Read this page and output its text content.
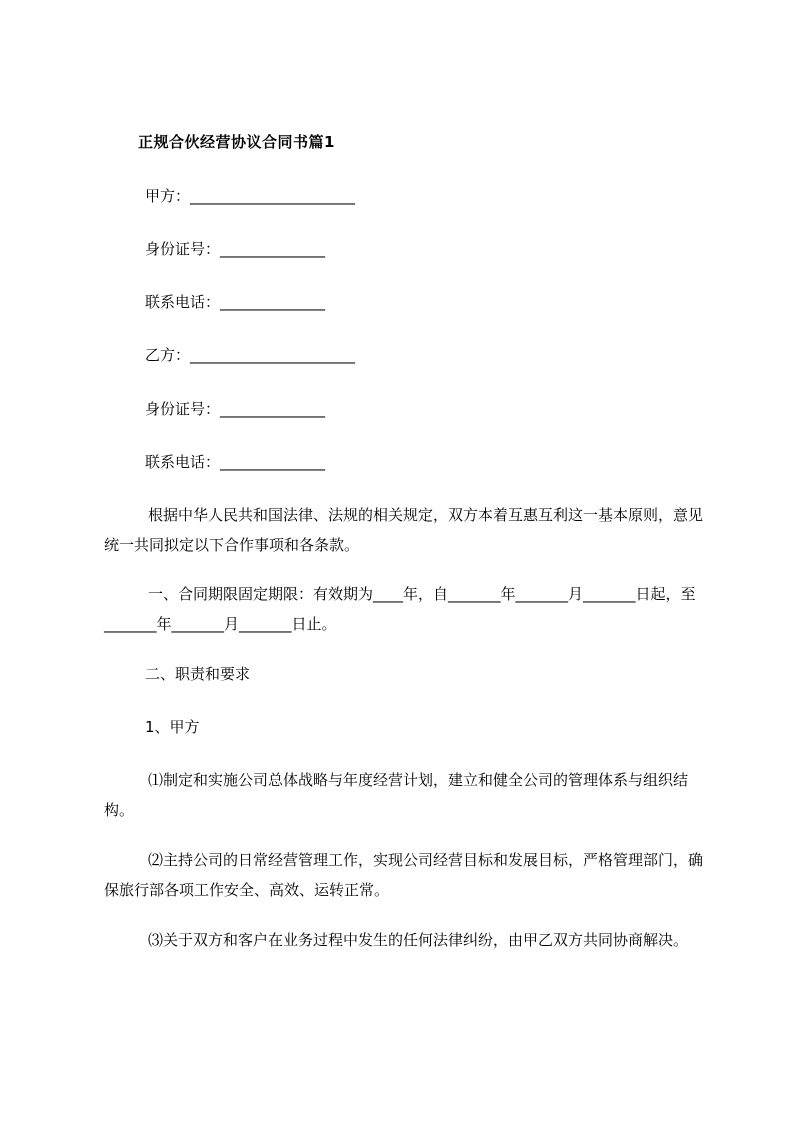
正规合伙经营协议合同书篇1
甲方：______________________
身份证号：______________
联系电话：______________
乙方：______________________
身份证号：______________
联系电话：______________
根据中华人民共和国法律、法规的相关规定，双方本着互惠互利这一基本原则，意见统一共同拟定以下合作事项和各条款。
一、合同期限固定期限：有效期为____年，自_______年_______月_______日起，至_______年_______月_______日止。
二、职责和要求
1、甲方
⑴制定和实施公司总体战略与年度经营计划，建立和健全公司的管理体系与组织结构。
⑵主持公司的日常经营管理工作，实现公司经营目标和发展目标，严格管理部门，确保旅行部各项工作安全、高效、运转正常。
⑶关于双方和客户在业务过程中发生的任何法律纠纷，由甲乙双方共同协商解决。
